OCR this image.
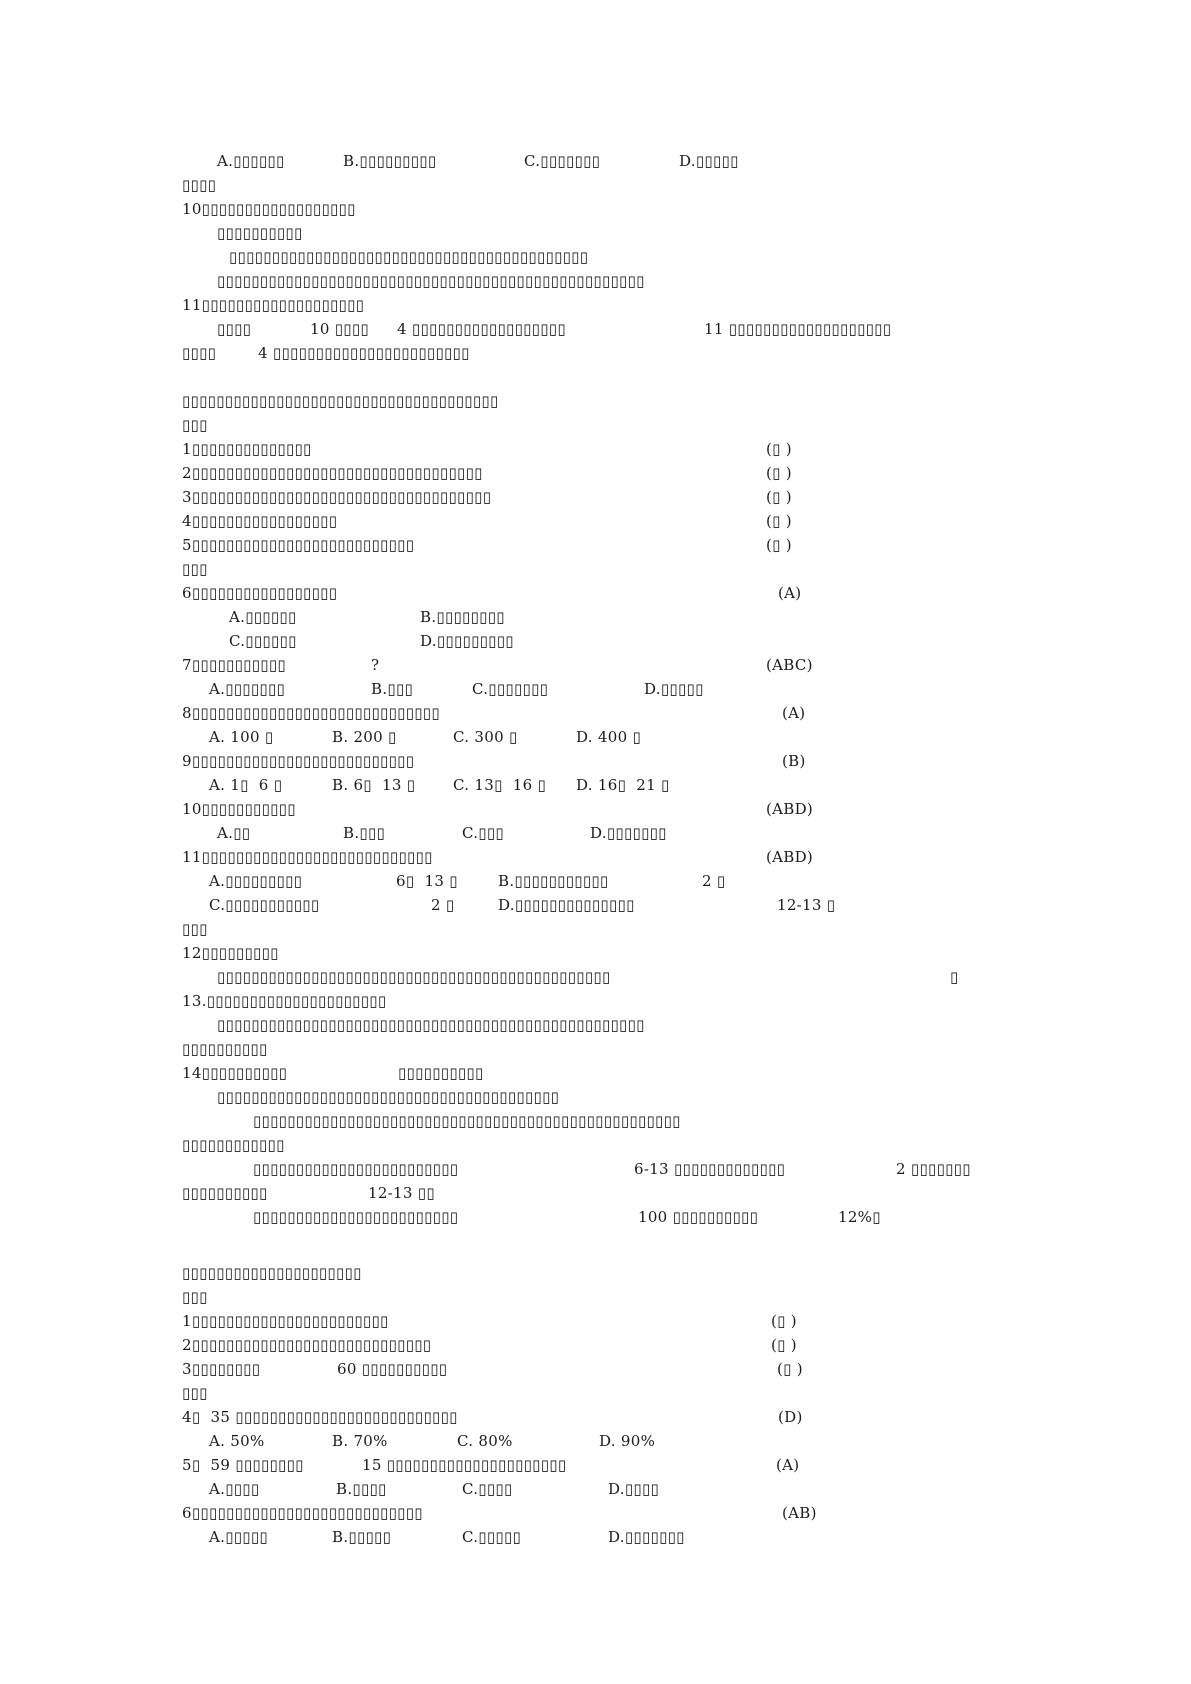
A.▯▯▯▯▯▯	B.▯▯▯▯▯▯▯▯▯	C.▯▯▯▯▯▯▯	D.▯▯▯▯▯
▯▯▯▯
10▯▯▯▯▯▯▯▯▯▯▯▯▯▯▯▯▯▯
▯▯▯▯▯▯▯▯▯▯
▯▯▯▯▯▯▯▯▯▯▯▯▯▯▯▯▯▯▯▯▯▯▯▯▯▯▯▯▯▯▯▯▯▯▯▯▯▯▯▯▯▯
▯▯▯▯▯▯▯▯▯▯▯▯▯▯▯▯▯▯▯▯▯▯▯▯▯▯▯▯▯▯▯▯▯▯▯▯▯▯▯▯▯▯▯▯▯▯▯▯▯▯
11▯▯▯▯▯▯▯▯▯▯▯▯▯▯▯▯▯▯▯
▯▯▯▯	10 ▯▯▯▯ 4 ▯▯▯▯▯▯▯▯▯▯▯▯▯▯▯▯▯▯	11 ▯▯▯▯▯▯▯▯▯▯▯▯▯▯▯▯▯▯▯
▯▯▯▯	4 ▯▯▯▯▯▯▯▯▯▯▯▯▯▯▯▯▯▯▯▯▯▯▯
▯▯▯▯▯▯▯▯▯▯▯▯▯▯▯▯▯▯▯▯▯▯▯▯▯▯▯▯▯▯▯▯▯▯▯▯▯
▯▯▯
1▯▯▯▯▯▯▯▯▯▯▯▯▯▯	(▯ )
2▯▯▯▯▯▯▯▯▯▯▯▯▯▯▯▯▯▯▯▯▯▯▯▯▯▯▯▯▯▯▯▯▯▯	(▯ )
3▯▯▯▯▯▯▯▯▯▯▯▯▯▯▯▯▯▯▯▯▯▯▯▯▯▯▯▯▯▯▯▯▯▯▯	(▯ )
4▯▯▯▯▯▯▯▯▯▯▯▯▯▯▯▯▯	(▯ )
5▯▯▯▯▯▯▯▯▯▯▯▯▯▯▯▯▯▯▯▯▯▯▯▯▯▯	(▯ )
▯▯▯
6▯▯▯▯▯▯▯▯▯▯▯▯▯▯▯▯▯	(A)
A.▯▯▯▯▯▯	B.▯▯▯▯▯▯▯▯
C.▯▯▯▯▯▯	D.▯▯▯▯▯▯▯▯▯
7▯▯▯▯▯▯▯▯▯▯▯	?	(ABC)
A.▯▯▯▯▯▯▯	B.▯▯▯	C.▯▯▯▯▯▯▯	D.▯▯▯▯▯
8▯▯▯▯▯▯▯▯▯▯▯▯▯▯▯▯▯▯▯▯▯▯▯▯▯▯▯▯▯	(A)
A. 100 ▯	B. 200 ▯	C. 300 ▯	D. 400 ▯
9▯▯▯▯▯▯▯▯▯▯▯▯▯▯▯▯▯▯▯▯▯▯▯▯▯▯	(B)
A. 1▯  6 ▯	B. 6▯  13 ▯	C. 13▯  16 ▯ D. 16▯  21 ▯
10▯▯▯▯▯▯▯▯▯▯▯	(ABD)
A.▯▯	B.▯▯▯	C.▯▯▯	D.▯▯▯▯▯▯▯
11▯▯▯▯▯▯▯▯▯▯▯▯▯▯▯▯▯▯▯▯▯▯▯▯▯▯▯	(ABD)
A.▯▯▯▯▯▯▯▯▯	6▯  13 ▯	B.▯▯▯▯▯▯▯▯▯▯▯	2 ▯
C.▯▯▯▯▯▯▯▯▯▯▯	2 ▯	D.▯▯▯▯▯▯▯▯▯▯▯▯▯▯	12-13 ▯
▯▯▯
12▯▯▯▯▯▯▯▯▯
▯▯▯▯▯▯▯▯▯▯▯▯▯▯▯▯▯▯▯▯▯▯▯▯▯▯▯▯▯▯▯▯▯▯▯▯▯▯▯▯▯▯▯▯▯▯	▯
13.▯▯▯▯▯▯▯▯▯▯▯▯▯▯▯▯▯▯▯▯▯
▯▯▯▯▯▯▯▯▯▯▯▯▯▯▯▯▯▯▯▯▯▯▯▯▯▯▯▯▯▯▯▯▯▯▯▯▯▯▯▯▯▯▯▯▯▯▯▯▯▯
▯▯▯▯▯▯▯▯▯▯
14▯▯▯▯▯▯▯▯▯▯	▯▯▯▯▯▯▯▯▯▯
▯▯▯▯▯▯▯▯▯▯▯▯▯▯▯▯▯▯▯▯▯▯▯▯▯▯▯▯▯▯▯▯▯▯▯▯▯▯▯▯
▯▯▯▯▯▯▯▯▯▯▯▯▯▯▯▯▯▯▯▯▯▯▯▯▯▯▯▯▯▯▯▯▯▯▯▯▯▯▯▯▯▯▯▯▯▯▯▯▯▯
▯▯▯▯▯▯▯▯▯▯▯▯
▯▯▯▯▯▯▯▯▯▯▯▯▯▯▯▯▯▯▯▯▯▯▯▯	6-13 ▯▯▯▯▯▯▯▯▯▯▯▯▯	2 ▯▯▯▯▯▯▯
▯▯▯▯▯▯▯▯▯▯	12-13 ▯▯
▯▯▯▯▯▯▯▯▯▯▯▯▯▯▯▯▯▯▯▯▯▯▯▯	100 ▯▯▯▯▯▯▯▯▯▯	12%▯
▯▯▯▯▯▯▯▯▯▯▯▯▯▯▯▯▯▯▯▯▯
▯▯▯
1▯▯▯▯▯▯▯▯▯▯▯▯▯▯▯▯▯▯▯▯▯▯▯	(▯ )
2▯▯▯▯▯▯▯▯▯▯▯▯▯▯▯▯▯▯▯▯▯▯▯▯▯▯▯▯	(▯ )
3▯▯▯▯▯▯▯▯	60 ▯▯▯▯▯▯▯▯▯▯	(▯ )
▯▯▯
4▯  35 ▯▯▯▯▯▯▯▯▯▯▯▯▯▯▯▯▯▯▯▯▯▯▯▯▯▯	(D)
A. 50%	B. 70%	C. 80%	D. 90%
5▯  59 ▯▯▯▯▯▯▯▯	15 ▯▯▯▯▯▯▯▯▯▯▯▯▯▯▯▯▯▯▯▯▯	(A)
A.▯▯▯▯	B.▯▯▯▯	C.▯▯▯▯	D.▯▯▯▯
6▯▯▯▯▯▯▯▯▯▯▯▯▯▯▯▯▯▯▯▯▯▯▯▯▯▯▯	(AB)
A.▯▯▯▯▯	B.▯▯▯▯▯	C.▯▯▯▯▯	D.▯▯▯▯▯▯▯
